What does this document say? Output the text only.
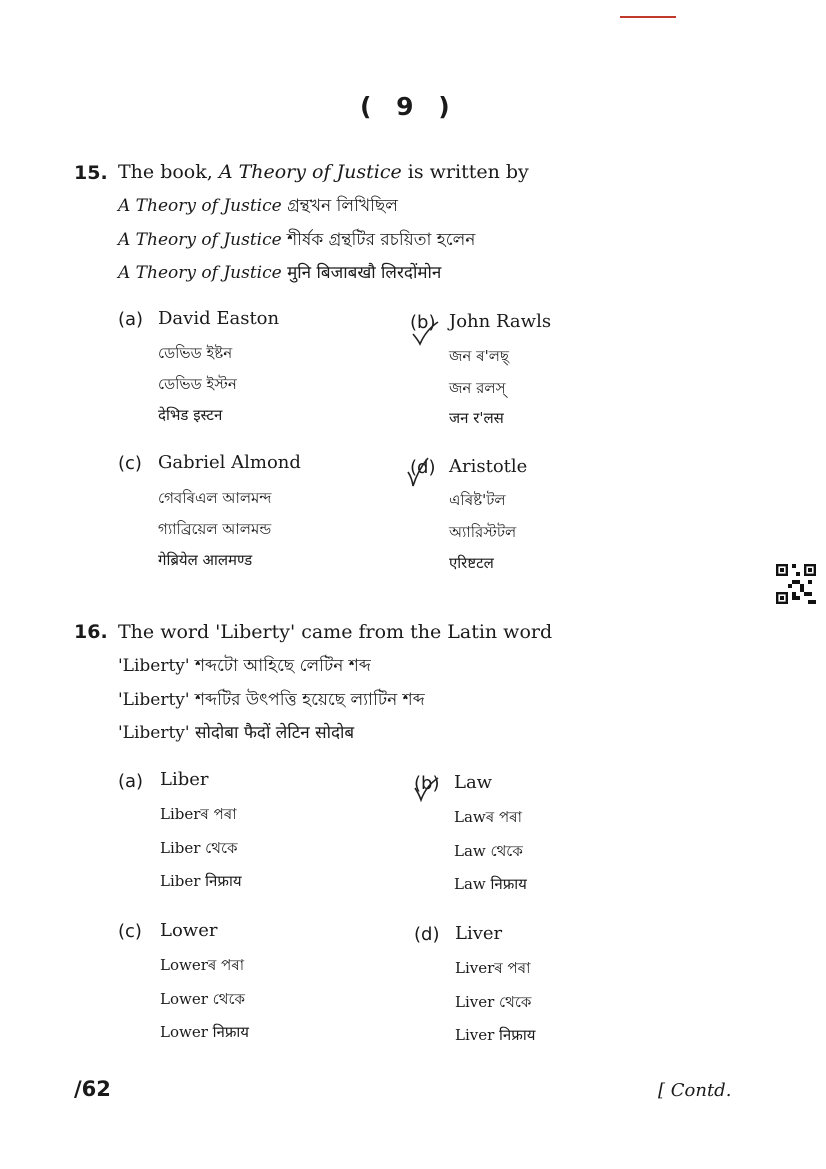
( 9 )
15. The book, A Theory of Justice is written by
A Theory of Justice গ্ৰন্থখন লিখিছিল
A Theory of Justice শীর্ষক গ্রন্থটির রচয়িতা হলেন
A Theory of Justice मुनि बिजाबखौ लिरदोंमोन
(a) David Easton
ডেভিড ইষ্টন
ডেভিড ইস্টন
देभिड इस्टन
(b) John Rawls
জন ৰ'লছ্
জন রলস্
जन र'लस
(c) Gabriel Almond
গেবৰিএল আলমন্দ
গ্যাব্রিয়েল আলমন্ড
गेब्रियेल आलमण्ड
(d) Aristotle
এৰিষ্ট'টল
অ্যারিস্টটল
एरिष्टटल
16. The word 'Liberty' came from the Latin word
'Liberty' শব্দটো আহিছে লেটিন শব্দ
'Liberty' শব্দটির উৎপত্তি হয়েছে ল্যাটিন শব্দ
'Liberty' सोदोबा फैदों लेटिन सोदोब
(a) Liber
Liberৰ পৰা
Liber থেকে
Liber निफ्राय
(b) Law
Lawৰ পৰা
Law থেকে
Law निफ्राय
(c) Lower
Lowerৰ পৰা
Lower থেকে
Lower निफ्राय
(d) Liver
Liverৰ পৰা
Liver থেকে
Liver निफ्राय
/62	[ Contd.
